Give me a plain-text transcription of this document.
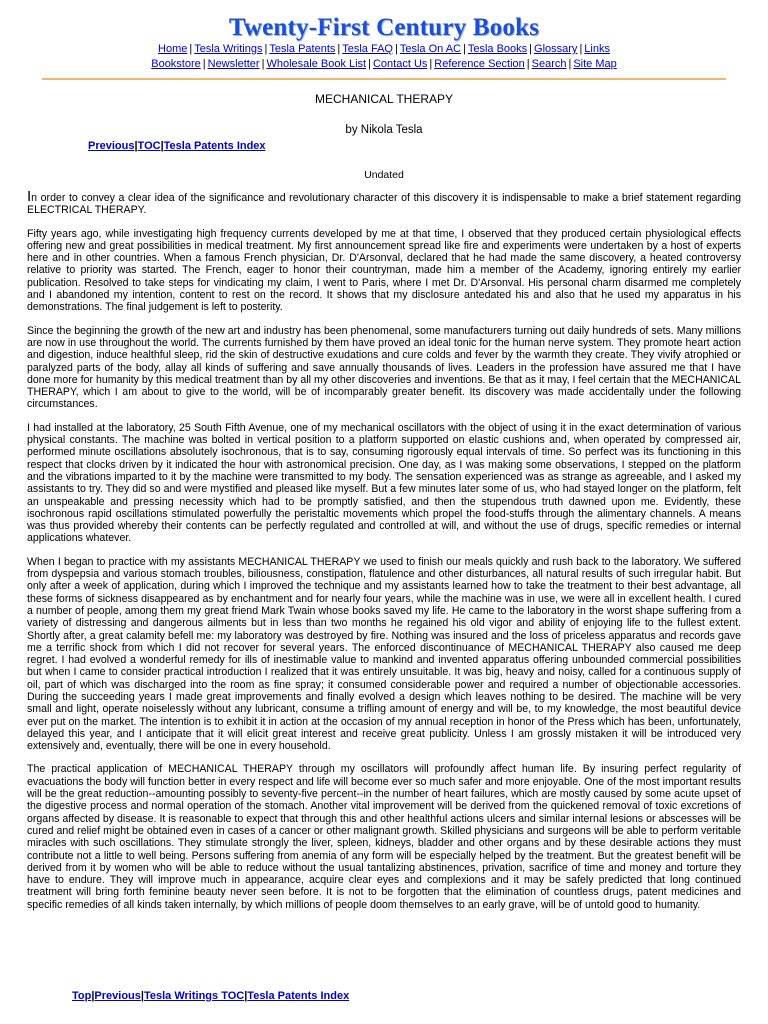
Twenty-First Century Books
Home | Tesla Writings | Tesla Patents | Tesla FAQ | Tesla On AC | Tesla Books | Glossary | Links
Bookstore | Newsletter | Wholesale Book List | Contact Us | Reference Section | Search | Site Map
MECHANICAL THERAPY
by Nikola Tesla
Previous|TOC|Tesla Patents Index
Undated

In order to convey a clear idea of the significance and revolutionary character of this discovery it is indispensable to make a brief statement regarding ELECTRICAL THERAPY.

Fifty years ago, while investigating high frequency currents developed by me at that time, I observed that they produced certain physiological effects offering new and great possibilities in medical treatment. My first announcement spread like fire and experiments were undertaken by a host of experts here and in other countries. When a famous French physician, Dr. D'Arsonval, declared that he had made the same discovery, a heated controversy relative to priority was started. The French, eager to honor their countryman, made him a member of the Academy, ignoring entirely my earlier publication. Resolved to take steps for vindicating my claim, I went to Paris, where I met Dr. D'Arsonval. His personal charm disarmed me completely and I abandoned my intention, content to rest on the record. It shows that my disclosure antedated his and also that he used my apparatus in his demonstrations. The final judgement is left to posterity.

Since the beginning the growth of the new art and industry has been phenomenal, some manufacturers turning out daily hundreds of sets. Many millions are now in use throughout the world. The currents furnished by them have proved an ideal tonic for the human nerve system. They promote heart action and digestion, induce healthful sleep, rid the skin of destructive exudations and cure colds and fever by the warmth they create. They vivify atrophied or paralyzed parts of the body, allay all kinds of suffering and save annually thousands of lives. Leaders in the profession have assured me that I have done more for humanity by this medical treatment than by all my other discoveries and inventions. Be that as it may, I feel certain that the MECHANICAL THERAPY, which I am about to give to the world, will be of incomparably greater benefit. Its discovery was made accidentally under the following circumstances.

I had installed at the laboratory, 25 South Fifth Avenue, one of my mechanical oscillators with the object of using it in the exact determination of various physical constants. The machine was bolted in vertical position to a platform supported on elastic cushions and, when operated by compressed air, performed minute oscillations absolutely isochronous, that is to say, consuming rigorously equal intervals of time. So perfect was its functioning in this respect that clocks driven by it indicated the hour with astronomical precision. One day, as I was making some observations, I stepped on the platform and the vibrations imparted to it by the machine were transmitted to my body. The sensation experienced was as strange as agreeable, and I asked my assistants to try. They did so and were mystified and pleased like myself. But a few minutes later some of us, who had stayed longer on the platform, felt an unspeakable and pressing necessity which had to be promptly satisfied, and then the stupendous truth dawned upon me. Evidently, these isochronous rapid oscillations stimulated powerfully the peristaltic movements which propel the food-stuffs through the alimentary channels. A means was thus provided whereby their contents can be perfectly regulated and controlled at will, and without the use of drugs, specific remedies or internal applications whatever.

When I began to practice with my assistants MECHANICAL THERAPY we used to finish our meals quickly and rush back to the laboratory. We suffered from dyspepsia and various stomach troubles, biliousness, constipation, flatulence and other disturbances, all natural results of such irregular habit. But only after a week of application, during which I improved the technique and my assistants learned how to take the treatment to their best advantage, all these forms of sickness disappeared as by enchantment and for nearly four years, while the machine was in use, we were all in excellent health. I cured a number of people, among them my great friend Mark Twain whose books saved my life. He came to the laboratory in the worst shape suffering from a variety of distressing and dangerous ailments but in less than two months he regained his old vigor and ability of enjoying life to the fullest extent. Shortly after, a great calamity befell me: my laboratory was destroyed by fire. Nothing was insured and the loss of priceless apparatus and records gave me a terrific shock from which I did not recover for several years. The enforced discontinuance of MECHANICAL THERAPY also caused me deep regret. I had evolved a wonderful remedy for ills of inestimable value to mankind and invented apparatus offering unbounded commercial possibilities but when I came to consider practical introduction I realized that it was entirely unsuitable. It was big, heavy and noisy, called for a continuous supply of oil, part of which was discharged into the room as fine spray; it consumed considerable power and required a number of objectionable accessories. During the succeeding years I made great improvements and finally evolved a design which leaves nothing to be desired. The machine will be very small and light, operate noiselessly without any lubricant, consume a trifling amount of energy and will be, to my knowledge, the most beautiful device ever put on the market. The intention is to exhibit it in action at the occasion of my annual reception in honor of the Press which has been, unfortunately, delayed this year, and I anticipate that it will elicit great interest and receive great publicity. Unless I am grossly mistaken it will be introduced very extensively and, eventually, there will be one in every household.

The practical application of MECHANICAL THERAPY through my oscillators will profoundly affect human life. By insuring perfect regularity of evacuations the body will function better in every respect and life will become ever so much safer and more enjoyable. One of the most important results will be the great reduction--amounting possibly to seventy-five percent--in the number of heart failures, which are mostly caused by some acute upset of the digestive process and normal operation of the stomach. Another vital improvement will be derived from the quickened removal of toxic excretions of organs affected by disease. It is reasonable to expect that through this and other healthful actions ulcers and similar internal lesions or abscesses will be cured and relief might be obtained even in cases of a cancer or other malignant growth. Skilled physicians and surgeons will be able to perform veritable miracles with such oscillations. They stimulate strongly the liver, spleen, kidneys, bladder and other organs and by these desirable actions they must contribute not a little to well being. Persons suffering from anemia of any form will be especially helped by the treatment. But the greatest benefit will be derived from it by women who will be able to reduce without the usual tantalizing abstinences, privation, sacrifice of time and money and torture they have to endure. They will improve much in appearance, acquire clear eyes and complexions and it may be safely predicted that long continued treatment will bring forth feminine beauty never seen before. It is not to be forgotten that the elimination of countless drugs, patent medicines and specific remedies of all kinds taken internally, by which millions of people doom themselves to an early grave, will be of untold good to humanity.

Top|Previous|Tesla Writings TOC|Tesla Patents Index
